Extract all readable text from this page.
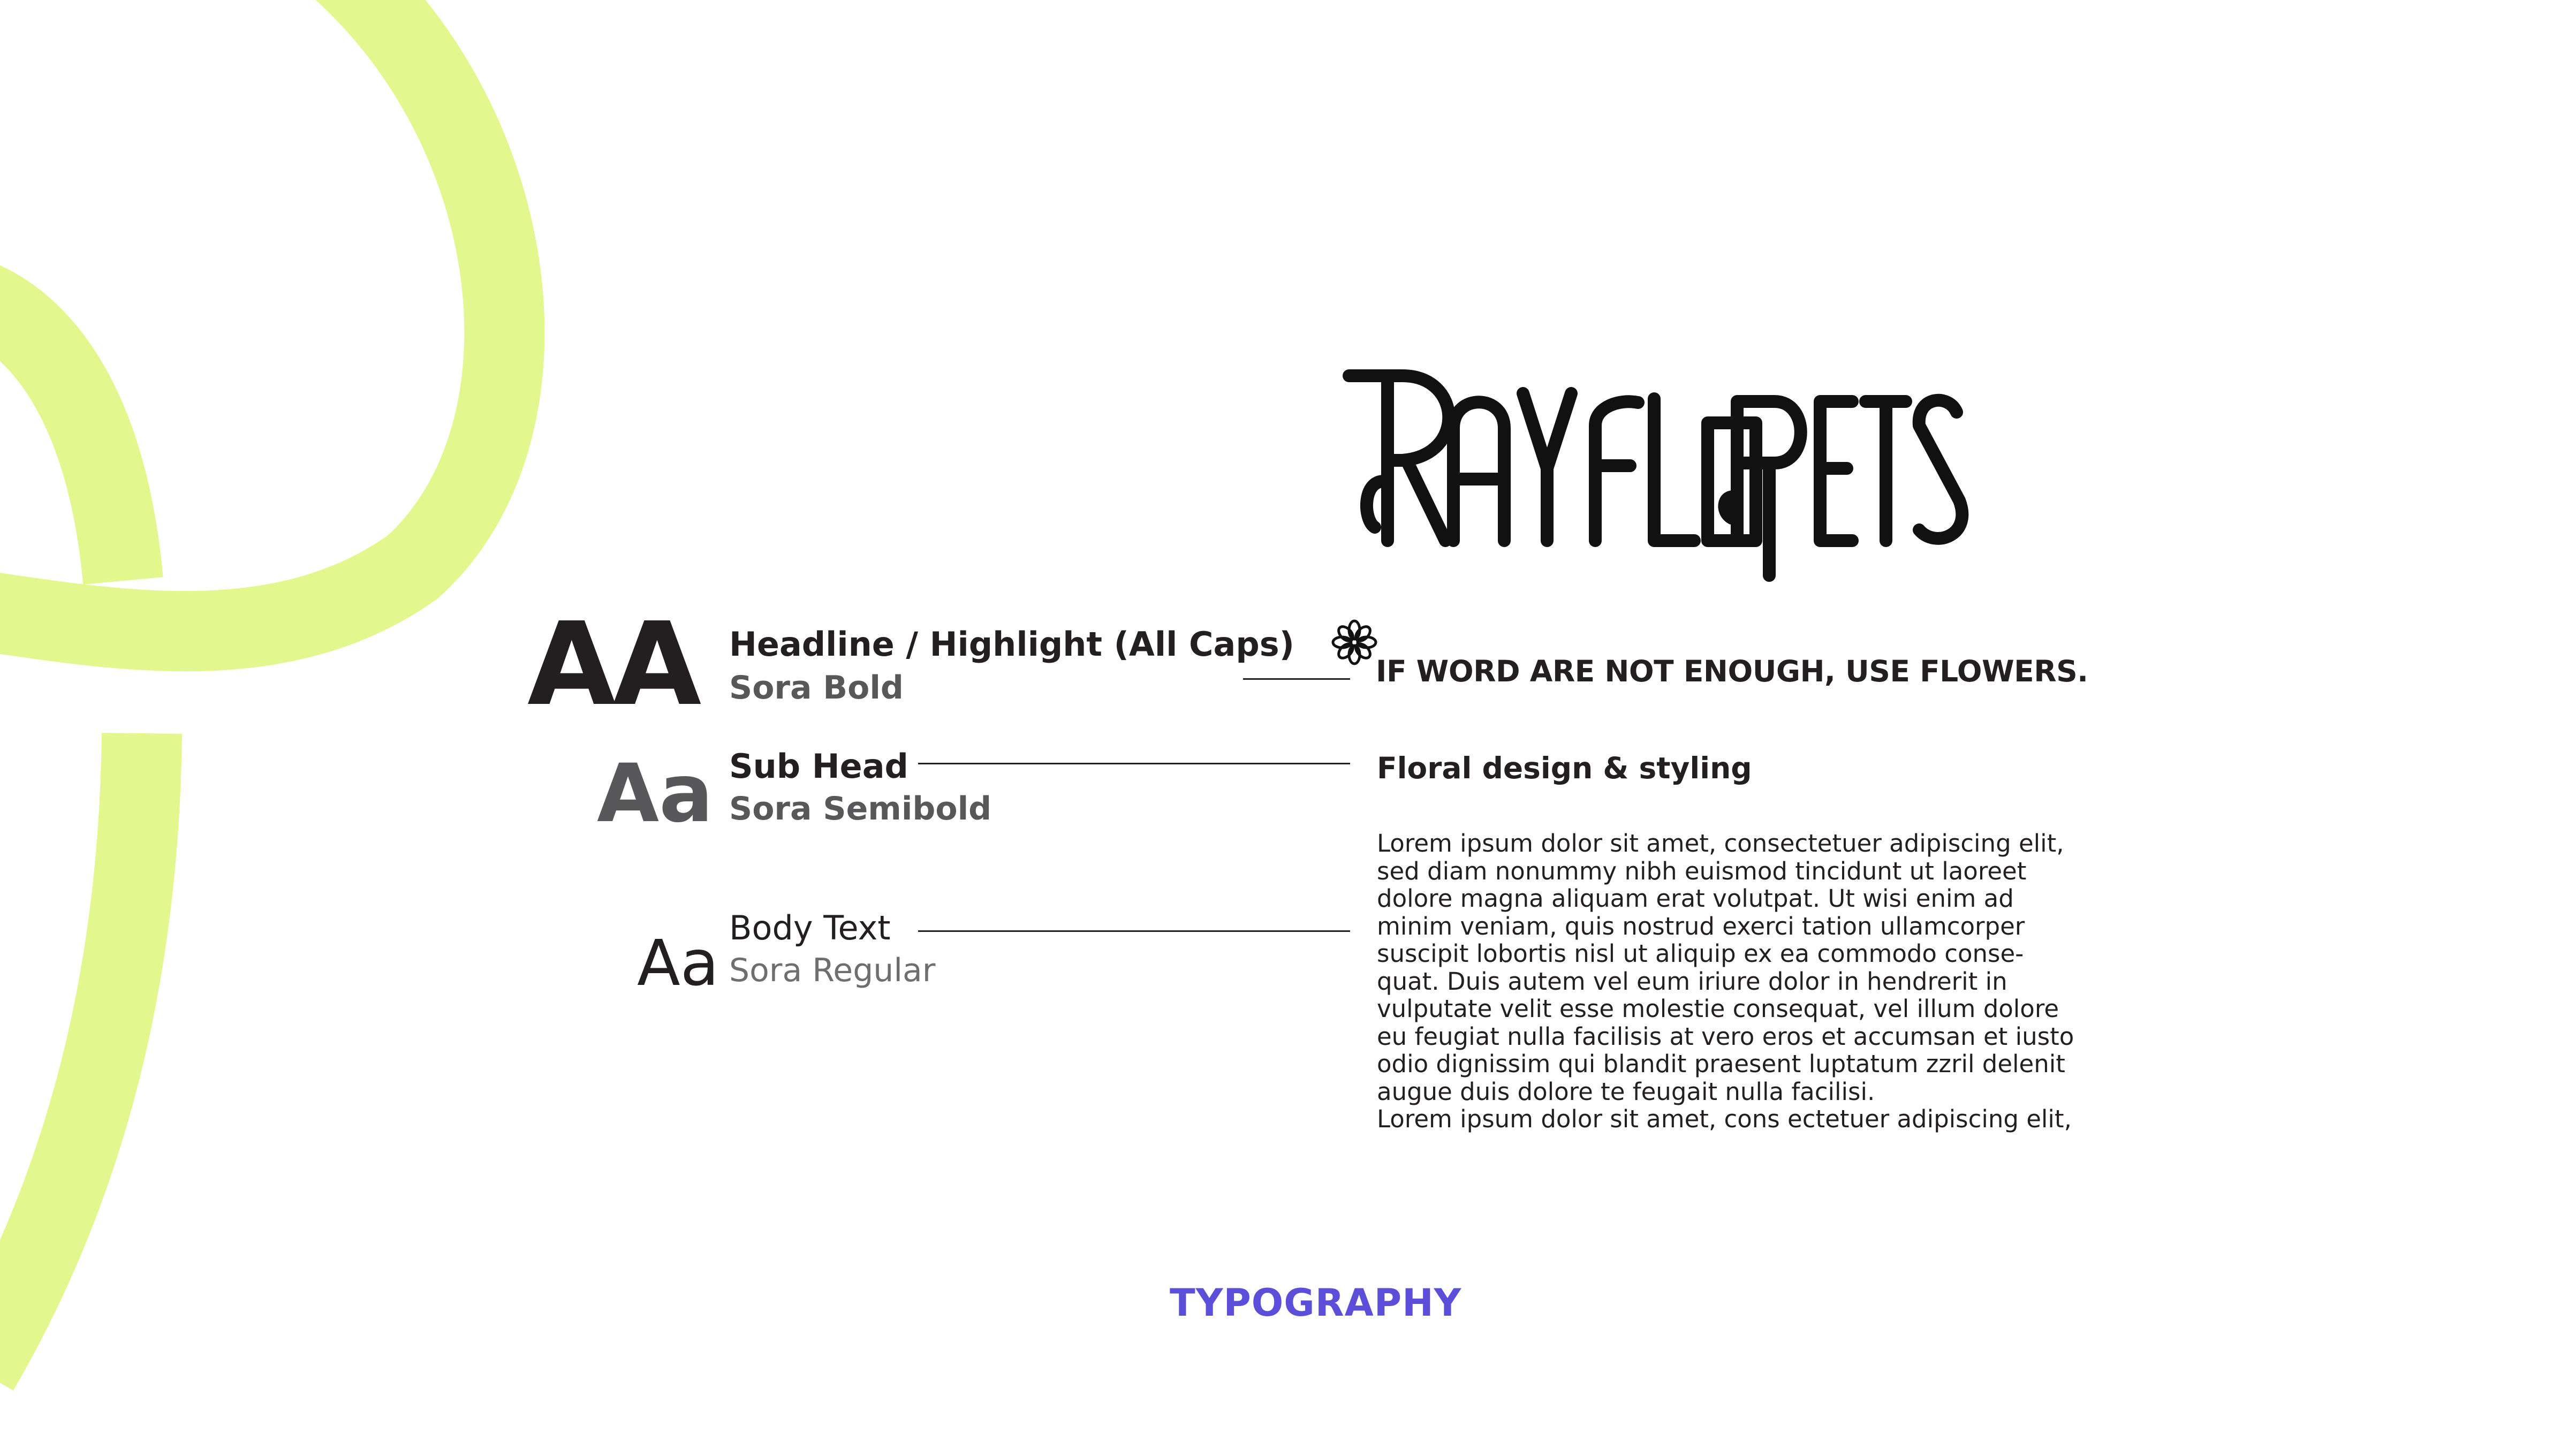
AA Headline / Highlight (All Caps)
Sora Bold
Aa Sub Head
Sora Semibold
Aa Body Text
Sora Regular
IF WORD ARE NOT ENOUGH, USE FLOWERS.
Floral design & styling

Lorem ipsum dolor sit amet, consectetuer adipiscing elit,
sed diam nonummy nibh euismod tincidunt ut laoreet
dolore magna aliquam erat volutpat. Ut wisi enim ad
minim veniam, quis nostrud exerci tation ullamcorper
suscipit lobortis nisl ut aliquip ex ea commodo conse-
quat. Duis autem vel eum iriure dolor in hendrerit in
vulputate velit esse molestie consequat, vel illum dolore
eu feugiat nulla facilisis at vero eros et accumsan et iusto
odio dignissim qui blandit praesent luptatum zzril delenit
augue duis dolore te feugait nulla facilisi.
Lorem ipsum dolor sit amet, cons ectetuer adipiscing elit,

TYPOGRAPHY
